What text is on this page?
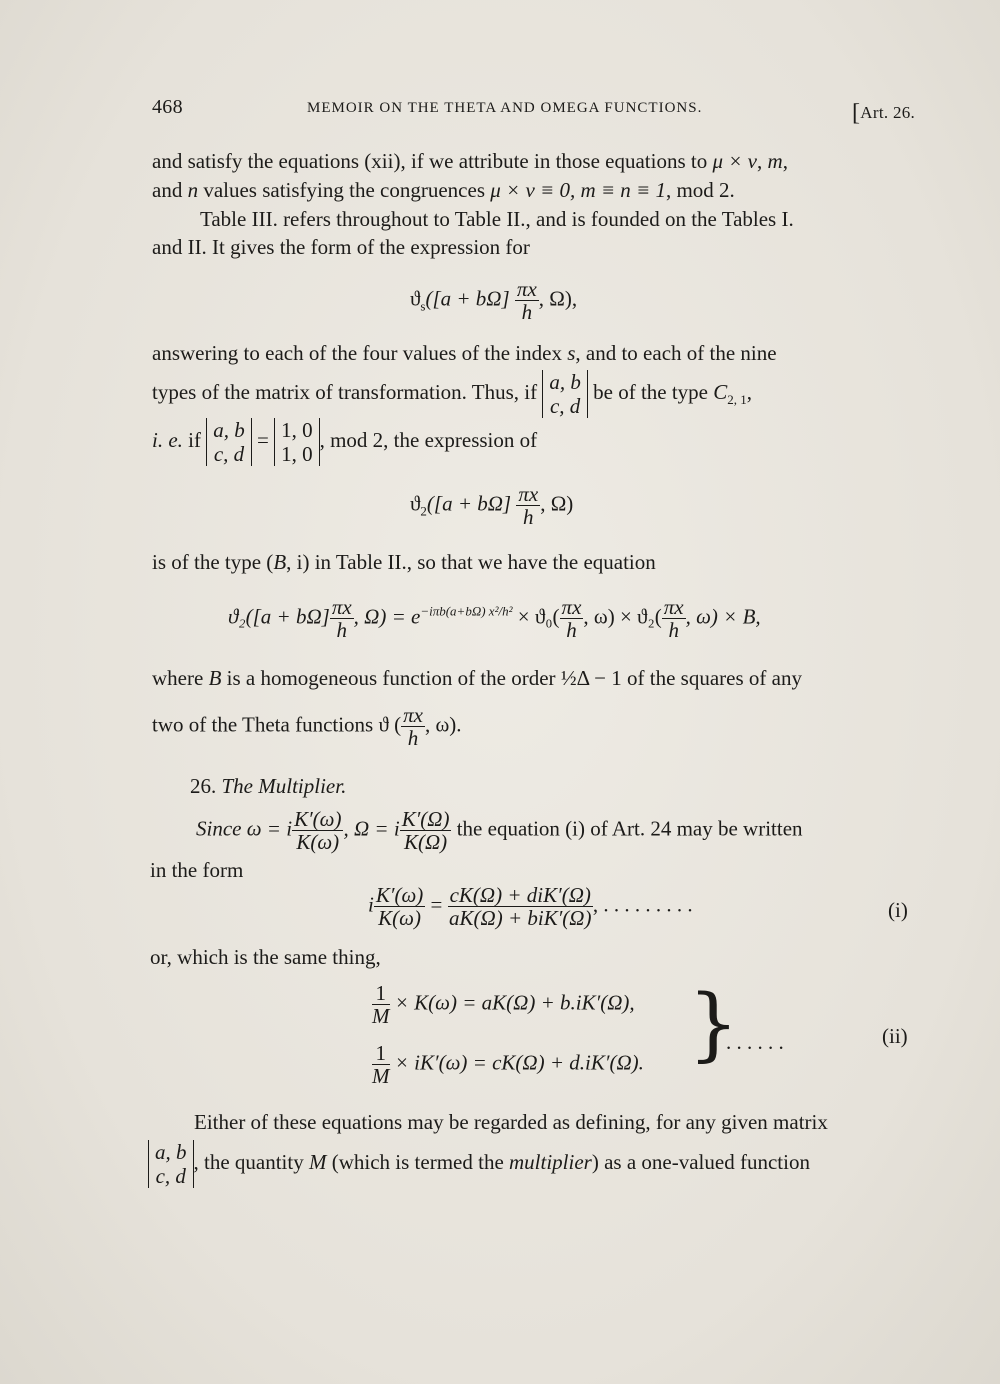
468	MEMOIR ON THE THETA AND OMEGA FUNCTIONS.	[Art. 26.
and satisfy the equations (xii), if we attribute in those equations to μ × ν, m,
and n values satisfying the congruences μ × ν ≡ 0, m ≡ n ≡ 1, mod 2.
Table III. refers throughout to Table II., and is founded on the Tables I.
and II. It gives the form of the expression for
$ϑ_s([a + b\Omega] \frac{\pi x}{h}$ , Ω),
answering to each of the four values of the index s, and to each of the nine
types of the matrix of transformation. Thus, if a, b
c, d be of the type $C_{2, 1}$,
i. e. if a, b
c, d = 1, 0
1, 0, mod 2, the expression of
$ϑ_2([a + b\Omega] \frac{\pi x}{h}$ , Ω)
is of the type (B, i) in Table II., so that we have the equation
$ϑ_2([a + b\Omega] \frac{\pi x}{h}$ , $\Omega) = e^{-i\pi b(a+b\Omega) x^2/h^2} \times ϑ_0( \frac{\pi x}{h}$ , $\omega) \times ϑ_2( \frac{\pi x}{h}$ , ω) × B,
where B is a homogeneous function of the order ½Δ − 1 of the squares of any
two of the Theta functions ϑ ( $\frac{\pi x}{h}$ , ω).
26. The Multiplier.
Since ω = i $\frac{K'(\omega)}{K(\omega)}$ , Ω = i $\frac{K'(\Omega)}{K(\Omega)}$ the equation (i) of Art. 24 may be written
in the form
i $\frac{K'(\omega)}{K(\omega)} = \frac{\text{cK(Ω) + diK′(Ω)}}{\text{aK(Ω) + biK′(Ω)}}$ , . . . . . . . . .	(i)
or, which is the same thing,
$\frac{1}{M} \times K(\omega) = aK(\Omega) + b.iK'(\Omega)$,
$\frac{1}{M} \times iK'(\omega) = cK(\Omega) + d.iK'(\Omega)$. }
. . . . . .	(ii)
Either of these equations may be regarded as defining, for any given matrix
a, b
c, d, the quantity M (which is termed the multiplier) as a one-valued function
